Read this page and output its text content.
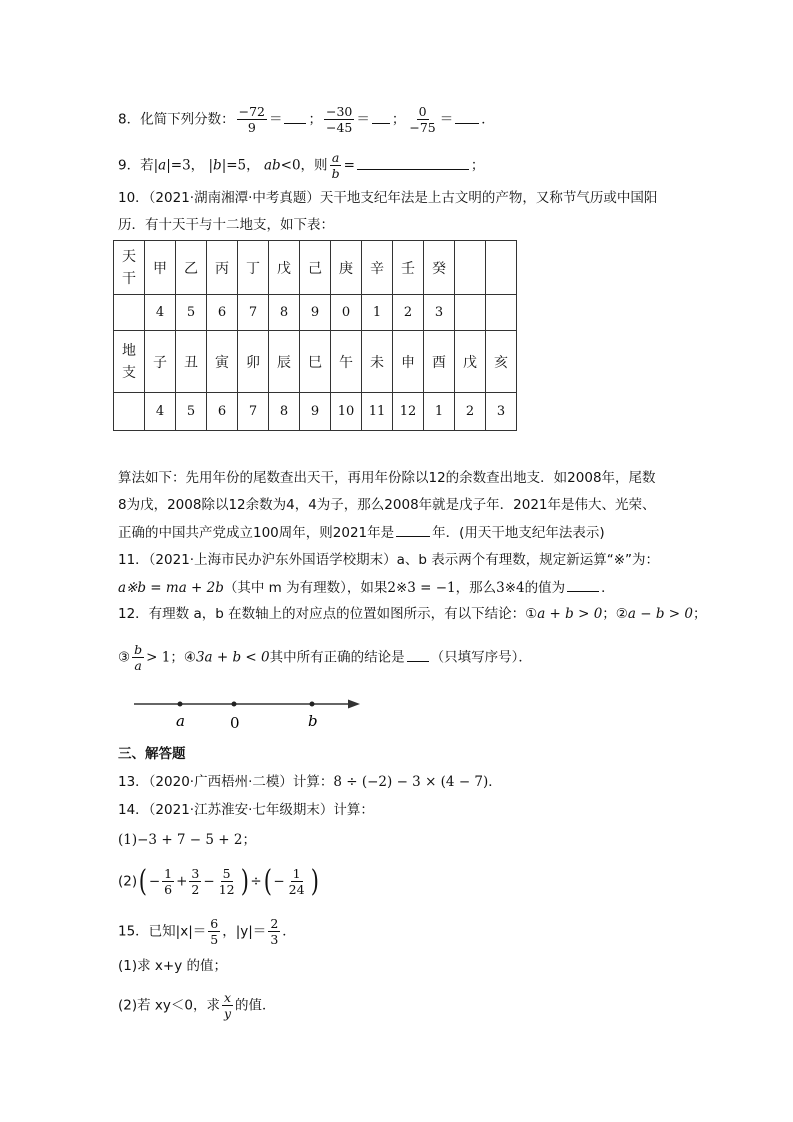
8．化简下列分数： $\frac{-72}{9}$ ＝ ； $\frac{-30}{-45}$ ＝ ； $\frac{0}{-75}$ ＝ ．
9．若|a|=3， |b|=5， ab<0，则 $\frac{a}{b}$ =	；
10．（2021·湖南湘潭·中考真题）天干地支纪年法是上古文明的产物，又称节气历或中国阳
历．有十天干与十二地支，如下表：
天干	甲	乙	丙	丁	戊	己	庚	辛	壬	癸		
	4	5	6	7	8	9	0	1	2	3		
地支	子	丑	寅	卯	辰	巳	午	未	申	酉	戊	亥
	4	5	6	7	8	9	10	11	12	1	2	3
算法如下：先用年份的尾数查出天干，再用年份除以12的余数查出地支．如2008年，尾数
8为戊，2008除以12余数为4，4为子，那么2008年就是戊子年．2021年是伟大、光荣、
正确的中国共产党成立100周年，则2021年是	年．(用天干地支纪年法表示)
11．（2021·上海市民办沪东外国语学校期末）a、b 表示两个有理数，规定新运算“※”为：
a※b = ma + 2b（其中 m 为有理数），如果2※3 = −1，那么3※4的值为	．
12．有理数 a，b 在数轴上的对应点的位置如图所示，有以下结论：①a + b > 0；②a − b > 0；
③ $\frac{b}{a} > 1$；④3a + b < 0其中所有正确的结论是 （只填写序号）．
a	0	b
三、解答题
13．（2020·广西梧州·二模）计算：8 ÷ (−2) − 3 × (4 − 7)．
14．（2021·江苏淮安·七年级期末）计算：
(1)−3 + 7 − 5 + 2；
$(2)( - \frac{1}{6} + \frac{3}{2} - \frac{5}{12}$ ) ÷( − $\frac{1}{24}$ )
15．已知$|x|= \frac{6}{5}$ ，$|y|= \frac{2}{3}$ ．
(1)求 x+y 的值；
(2)若 xy＜0，求 $\frac{x}{y}$ 的值．
